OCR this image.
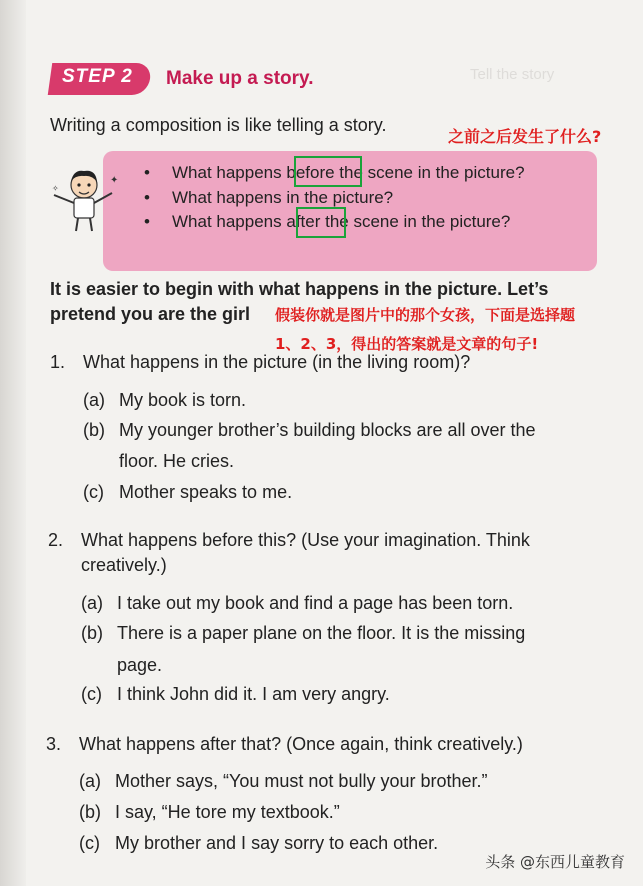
Tell the story
STEP 2 Make up a story.
Writing a composition is like telling a story.
之前之后发生了什么?
✦
✧
• What happens before the scene in the picture?
• What happens in the picture?
• What happens after the scene in the picture?
It is easier to begin with what happens in the picture. Let’s
pretend you are the girl 假装你就是图片中的那个女孩，下面是选择题
1、2、3，得出的答案就是文章的句子!
1. What happens in the picture (in the living room)?
(a) My book is torn.
(b) My younger brother’s building blocks are all over the
floor. He cries.
(c) Mother speaks to me.
2. What happens before this? (Use your imagination. Think
creatively.)
(a) I take out my book and find a page has been torn.
(b) There is a paper plane on the floor. It is the missing
page.
(c) I think John did it. I am very angry.
3. What happens after that? (Once again, think creatively.)
(a) Mother says, “You must not bully your brother.”
(b) I say, “He tore my textbook.”
(c) My brother and I say sorry to each other.
头条 @东西儿童教育
